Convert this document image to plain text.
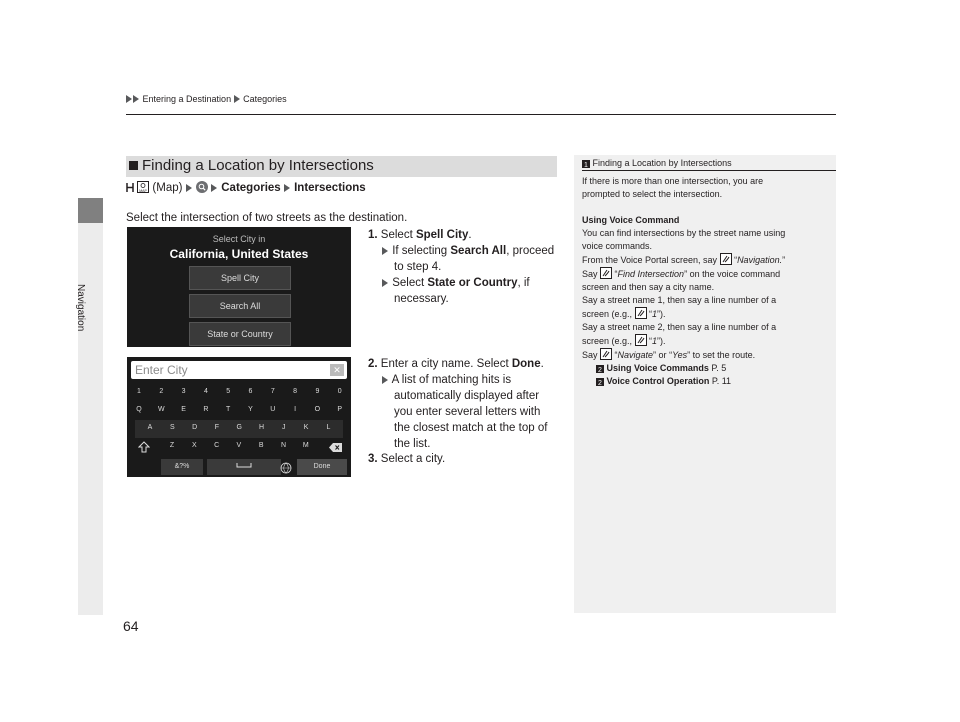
Navigation
Entering a Destination Categories
Finding a Location by Intersections

MAP (Map)	Categories Intersections
Select the intersection of two streets as the destination.
1. Select Spell City.
If selecting Search All, proceed
to step 4.
Select State or Country, if
necessary.
2. Enter a city name. Select Done.
A list of matching hits is
automatically displayed after
you enter several letters with
the closest match at the top of
the list.
3. Select a city.
Select City in
California, United States
Spell City
Search All
State or Country
Enter City	✕
1	2	3	4	5	6	7	8	9	0
Q	W	E	R	T	Y	U	I	O	P
A	S	D	F	G	H	J	K	L
Z	X	C	V	B	N	M
&?%	Done
1 Finding a Location by Intersections
If there is more than one intersection, you are
prompted to select the intersection.
Using Voice Command
You can find intersections by the street name using
voice commands.
From the Voice Portal screen, say  “Navigation.”
Say  “Find Intersection” on the voice command
screen and then say a city name.
Say a street name 1, then say a line number of a
screen (e.g.,  “1”).
Say a street name 2, then say a line number of a
screen (e.g.,  “1”).
Say  “Navigate” or “Yes” to set the route.
2 Using Voice Commands P. 5
2 Voice Control Operation P. 11
64
